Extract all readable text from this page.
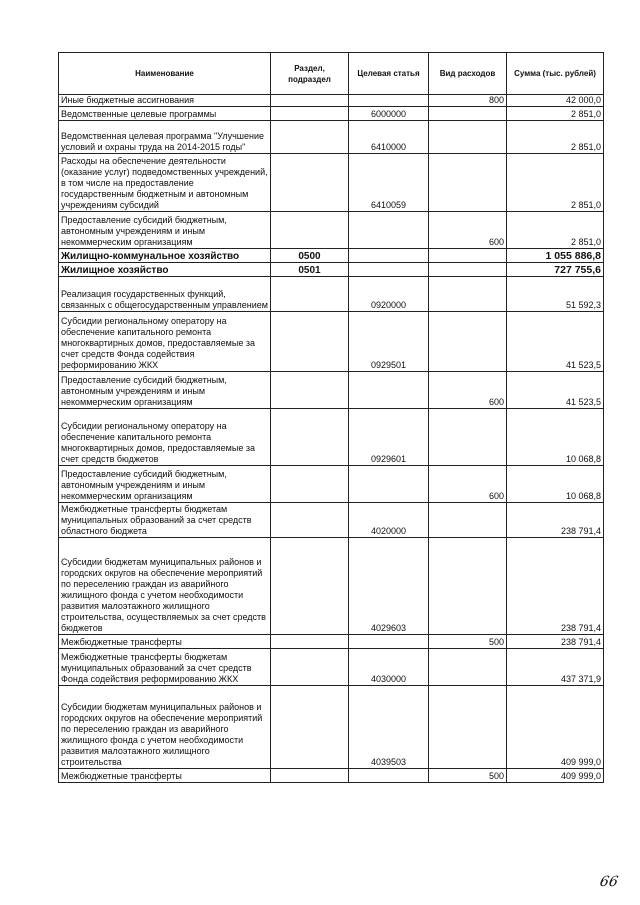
Наименование	Раздел, подраздел	Целевая статья	Вид расходов	Сумма (тыс. рублей)
Иные бюджетные ассигнования			800	42 000,0
Ведомственные целевые программы		6000000		2 851,0
Ведомственная целевая программа "Улучшение условий и охраны труда на 2014-2015 годы"		6410000		2 851,0
Расходы на обеспечение деятельности (оказание услуг) подведомственных учреждений, в том числе на предоставление государственным бюджетным и автономным учреждениям субсидий		6410059		2 851,0
Предоставление субсидий бюджетным, автономным учреждениям и иным некоммерческим организациям			600	2 851,0
Жилищно-коммунальное хозяйство	0500			1 055 886,8
Жилищное хозяйство	0501			727 755,6
Реализация государственных функций, связанных с общегосударственным управлением		0920000		51 592,3
Субсидии региональному оператору на обеспечение капитального ремонта многоквартирных домов, предоставляемые за счет средств Фонда содействия реформированию ЖКХ		0929501		41 523,5
Предоставление субсидий бюджетным, автономным учреждениям и иным некоммерческим организациям			600	41 523,5
Субсидии региональному оператору на обеспечение капитального ремонта многоквартирных домов, предоставляемые за счет средств бюджетов		0929601		10 068,8
Предоставление субсидий бюджетным, автономным учреждениям и иным некоммерческим организациям			600	10 068,8
Межбюджетные трансферты бюджетам муниципальных образований за счет средств областного бюджета		4020000		238 791,4
Субсидии бюджетам муниципальных районов и городских округов на обеспечение мероприятий по переселению граждан из аварийного жилищного фонда с учетом необходимости развития малоэтажного жилищного строительства, осуществляемых за счет средств бюджетов		4029603		238 791,4
Межбюджетные трансферты			500	238 791,4
Межбюджетные трансферты бюджетам муниципальных образований за счет средств Фонда содействия реформированию ЖКХ		4030000		437 371,9
Субсидии бюджетам муниципальных районов и городских округов на обеспечение мероприятий по переселению граждан из аварийного жилищного фонда с учетом необходимости развития малоэтажного жилищного строительства		4039503		409 999,0
Межбюджетные трансферты			500	409 999,0
66
